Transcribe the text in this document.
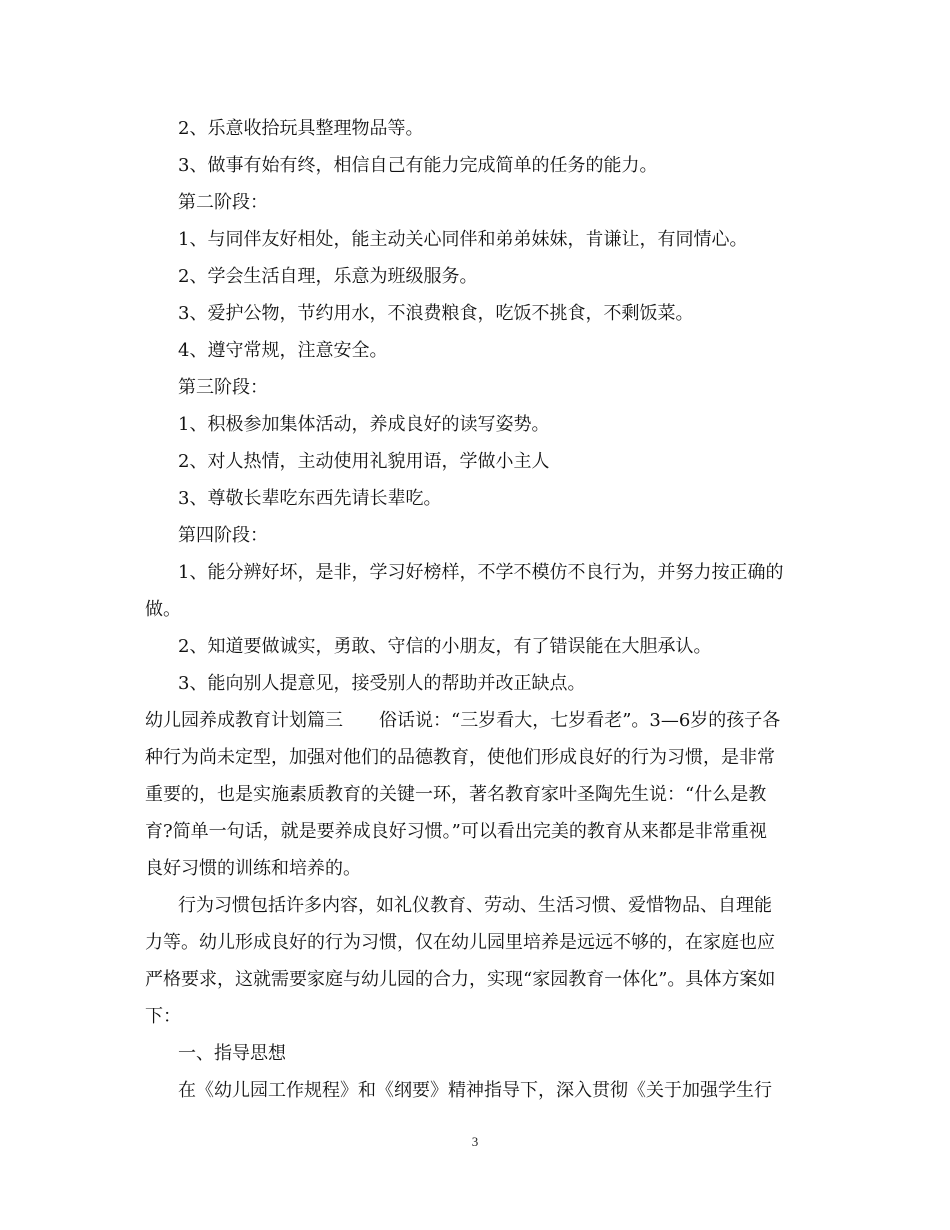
2、乐意收拾玩具整理物品等。
3、做事有始有终，相信自己有能力完成简单的任务的能力。
第二阶段：
1、与同伴友好相处，能主动关心同伴和弟弟妹妹，肯谦让，有同情心。
2、学会生活自理，乐意为班级服务。
3、爱护公物，节约用水，不浪费粮食，吃饭不挑食，不剩饭菜。
4、遵守常规，注意安全。
第三阶段：
1、积极参加集体活动，养成良好的读写姿势。
2、对人热情，主动使用礼貌用语，学做小主人
3、尊敬长辈吃东西先请长辈吃。
第四阶段：
1、能分辨好坏，是非，学习好榜样，不学不模仿不良行为，并努力按正确的
做。
2、知道要做诚实，勇敢、守信的小朋友，有了错误能在大胆承认。
3、能向别人提意见，接受别人的帮助并改正缺点。
幼儿园养成教育计划篇三　　俗话说：“三岁看大，七岁看老”。3—6岁的孩子各
种行为尚未定型，加强对他们的品德教育，使他们形成良好的行为习惯，是非常
重要的，也是实施素质教育的关键一环，著名教育家叶圣陶先生说：“什么是教
育?简单一句话，就是要养成良好习惯。”可以看出完美的教育从来都是非常重视
良好习惯的训练和培养的。
行为习惯包括许多内容，如礼仪教育、劳动、生活习惯、爱惜物品、自理能
力等。幼儿形成良好的行为习惯，仅在幼儿园里培养是远远不够的，在家庭也应
严格要求，这就需要家庭与幼儿园的合力，实现“家园教育一体化”。具体方案如
下：
一、指导思想
在《幼儿园工作规程》和《纲要》精神指导下，深入贯彻《关于加强学生行
3
